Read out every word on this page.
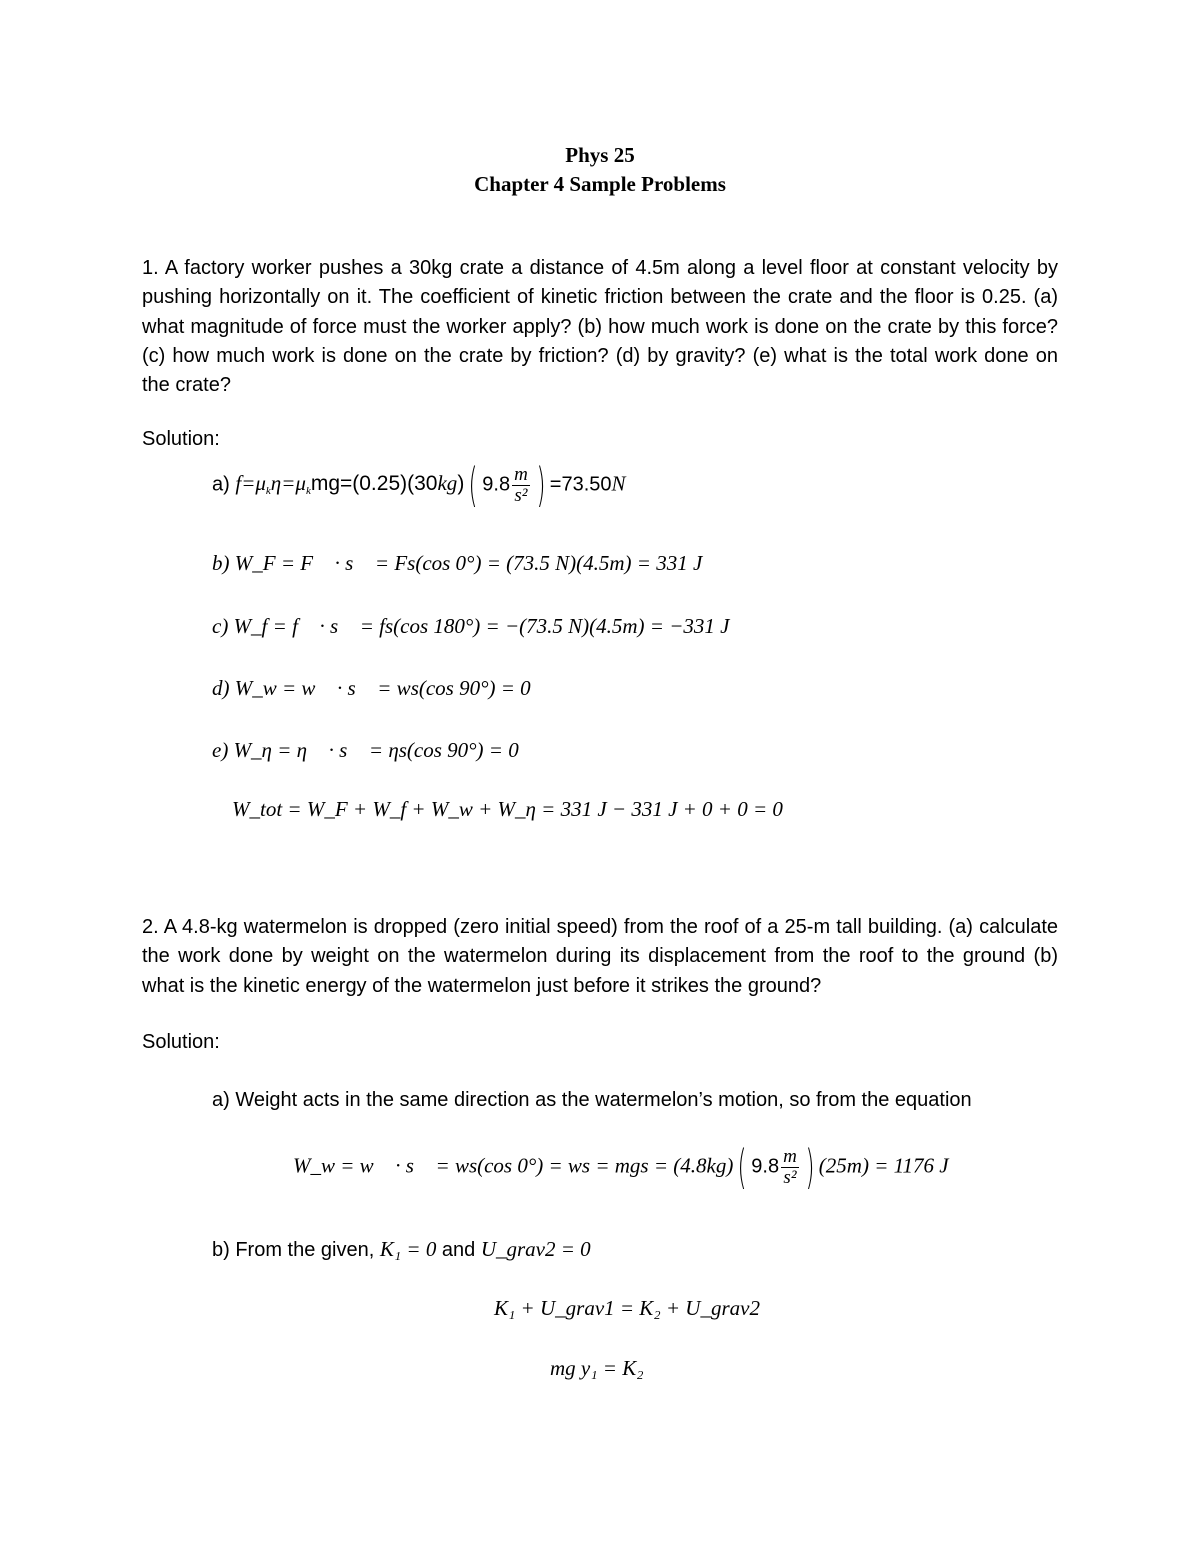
Phys 25
Chapter 4 Sample Problems
1. A factory worker pushes a 30kg crate a distance of 4.5m along a level floor at constant velocity by pushing horizontally on it. The coefficient of kinetic friction between the crate and the floor is 0.25. (a) what magnitude of force must the worker apply? (b) how much work is done on the crate by this force? (c) how much work is done on the crate by friction? (d) by gravity? (e) what is the total work done on the crate?
Solution:
a) $f=\mu_k\eta=\mu_kmg=(0.25)(30kg)$( $9.8 \frac{m}{\text{s²}}$ ) =73.50N
b) W_F = F⃗ · s⃗ = Fs(cos 0°) = (73.5 N)(4.5m) = 331 J
c) W_f = f⃗ · s⃗ = fs(cos 180°) = −(73.5 N)(4.5m) = −331 J
d) W_w = w⃗ · s⃗ = ws(cos 90°) = 0
e) W_η = η⃗ · s⃗ = ηs(cos 90°) = 0
W_tot = W_F + W_f + W_w + W_η = 331 J − 331 J + 0 + 0 = 0
2. A 4.8-kg watermelon is dropped (zero initial speed) from the roof of a 25-m tall building. (a) calculate the work done by weight on the watermelon during its displacement from the roof to the ground (b) what is the kinetic energy of the watermelon just before it strikes the ground?
Solution:
a) Weight acts in the same direction as the watermelon’s motion, so from the equation
W_w = w⃗ · s⃗ = ws(cos 0°) = ws = mgs = (4.8kg)( $9.8 \frac{m}{\text{s²}}$ ) (25m) = 1176 J
b) From the given, K₁ = 0 and U_grav2 = 0
K₁ + U_grav1 = K₂ + U_grav2
mg y₁ = K₂
